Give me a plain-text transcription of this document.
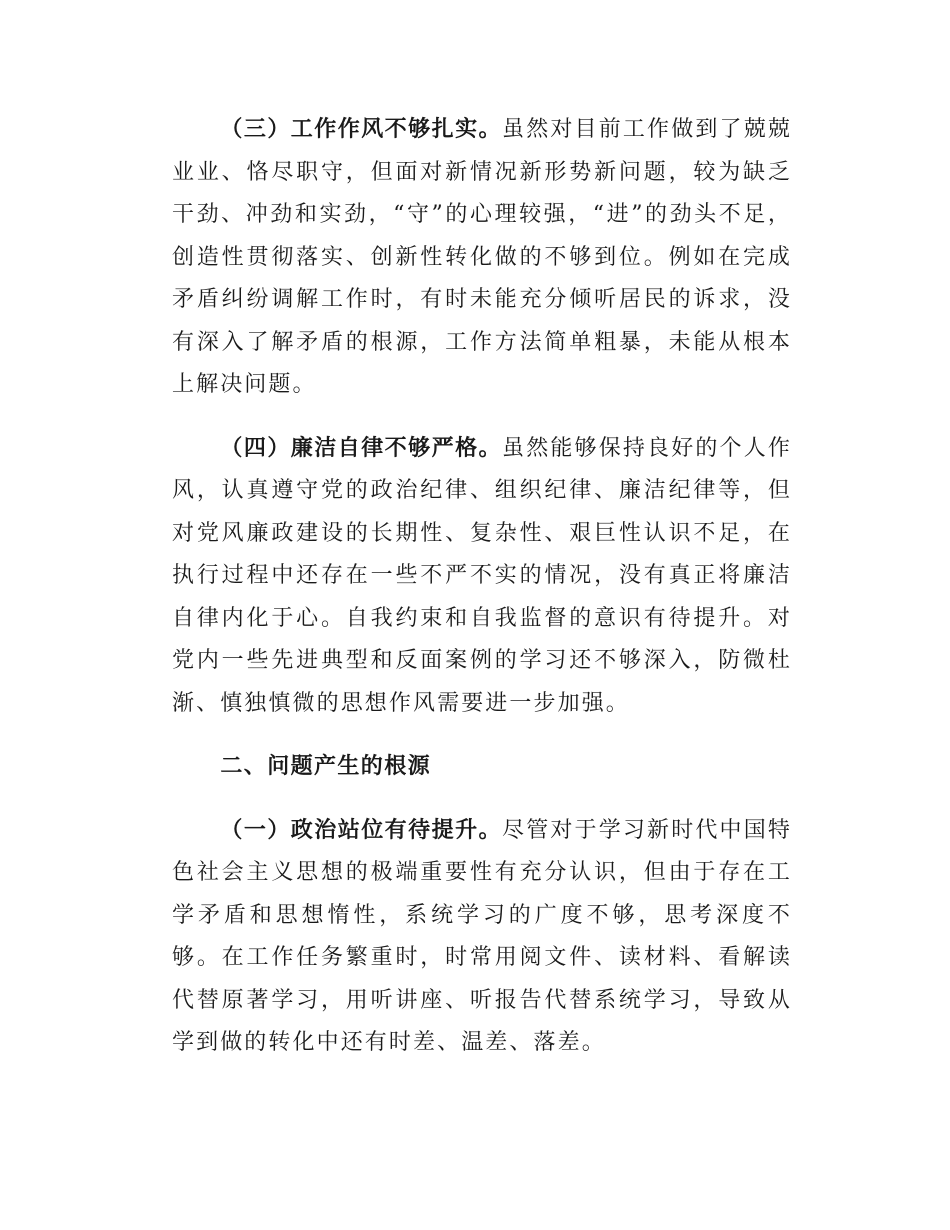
（三）工作作风不够扎实。虽然对目前工作做到了兢兢业业、恪尽职守，但面对新情况新形势新问题，较为缺乏干劲、冲劲和实劲，“守”的心理较强，“进”的劲头不足，创造性贯彻落实、创新性转化做的不够到位。例如在完成矛盾纠纷调解工作时，有时未能充分倾听居民的诉求，没有深入了解矛盾的根源，工作方法简单粗暴，未能从根本上解决问题。

（四）廉洁自律不够严格。虽然能够保持良好的个人作风，认真遵守党的政治纪律、组织纪律、廉洁纪律等，但对党风廉政建设的长期性、复杂性、艰巨性认识不足，在执行过程中还存在一些不严不实的情况，没有真正将廉洁自律内化于心。自我约束和自我监督的意识有待提升。对党内一些先进典型和反面案例的学习还不够深入，防微杜渐、慎独慎微的思想作风需要进一步加强。

二、问题产生的根源

（一）政治站位有待提升。尽管对于学习新时代中国特色社会主义思想的极端重要性有充分认识，但由于存在工学矛盾和思想惰性，系统学习的广度不够，思考深度不够。在工作任务繁重时，时常用阅文件、读材料、看解读代替原著学习，用听讲座、听报告代替系统学习，导致从学到做的转化中还有时差、温差、落差。
